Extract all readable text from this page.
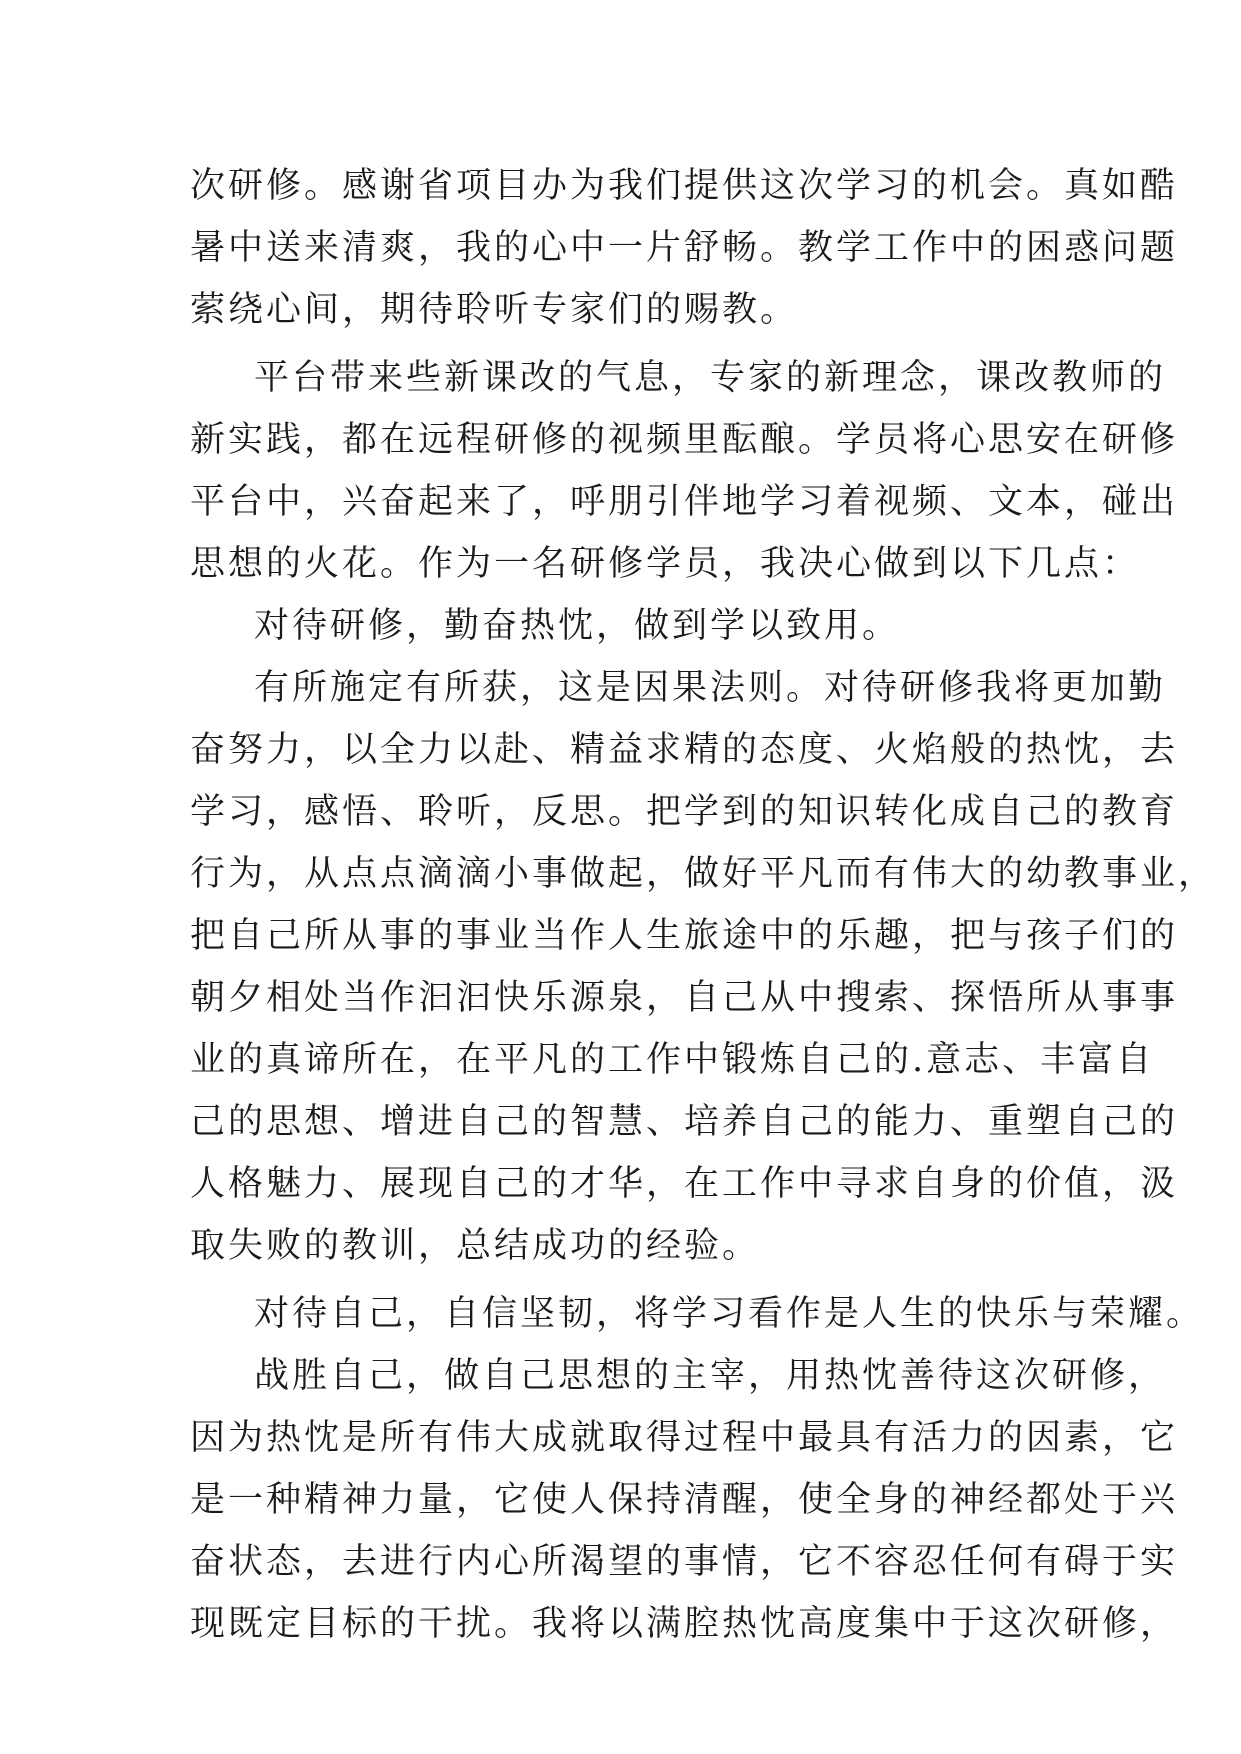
次研修。感谢省项目办为我们提供这次学习的机会。真如酷
暑中送来清爽，我的心中一片舒畅。教学工作中的困惑问题
萦绕心间，期待聆听专家们的赐教。
平台带来些新课改的气息，专家的新理念，课改教师的
新实践，都在远程研修的视频里酝酿。学员将心思安在研修
平台中，兴奋起来了，呼朋引伴地学习着视频、文本，碰出
思想的火花。作为一名研修学员，我决心做到以下几点：
对待研修，勤奋热忱，做到学以致用。
有所施定有所获，这是因果法则。对待研修我将更加勤
奋努力，以全力以赴、精益求精的态度、火焰般的热忱，去
学习，感悟、聆听，反思。把学到的知识转化成自己的教育
行为，从点点滴滴小事做起，做好平凡而有伟大的幼教事业，
把自己所从事的事业当作人生旅途中的乐趣，把与孩子们的
朝夕相处当作汩汩快乐源泉，自己从中搜索、探悟所从事事
业的真谛所在，在平凡的工作中锻炼自己的.意志、丰富自
己的思想、增进自己的智慧、培养自己的能力、重塑自己的
人格魅力、展现自己的才华，在工作中寻求自身的价值，汲
取失败的教训，总结成功的经验。
对待自己，自信坚韧，将学习看作是人生的快乐与荣耀。
战胜自己，做自己思想的主宰，用热忱善待这次研修，
因为热忱是所有伟大成就取得过程中最具有活力的因素，它
是一种精神力量，它使人保持清醒，使全身的神经都处于兴
奋状态，去进行内心所渴望的事情，它不容忍任何有碍于实
现既定目标的干扰。我将以满腔热忱高度集中于这次研修，
